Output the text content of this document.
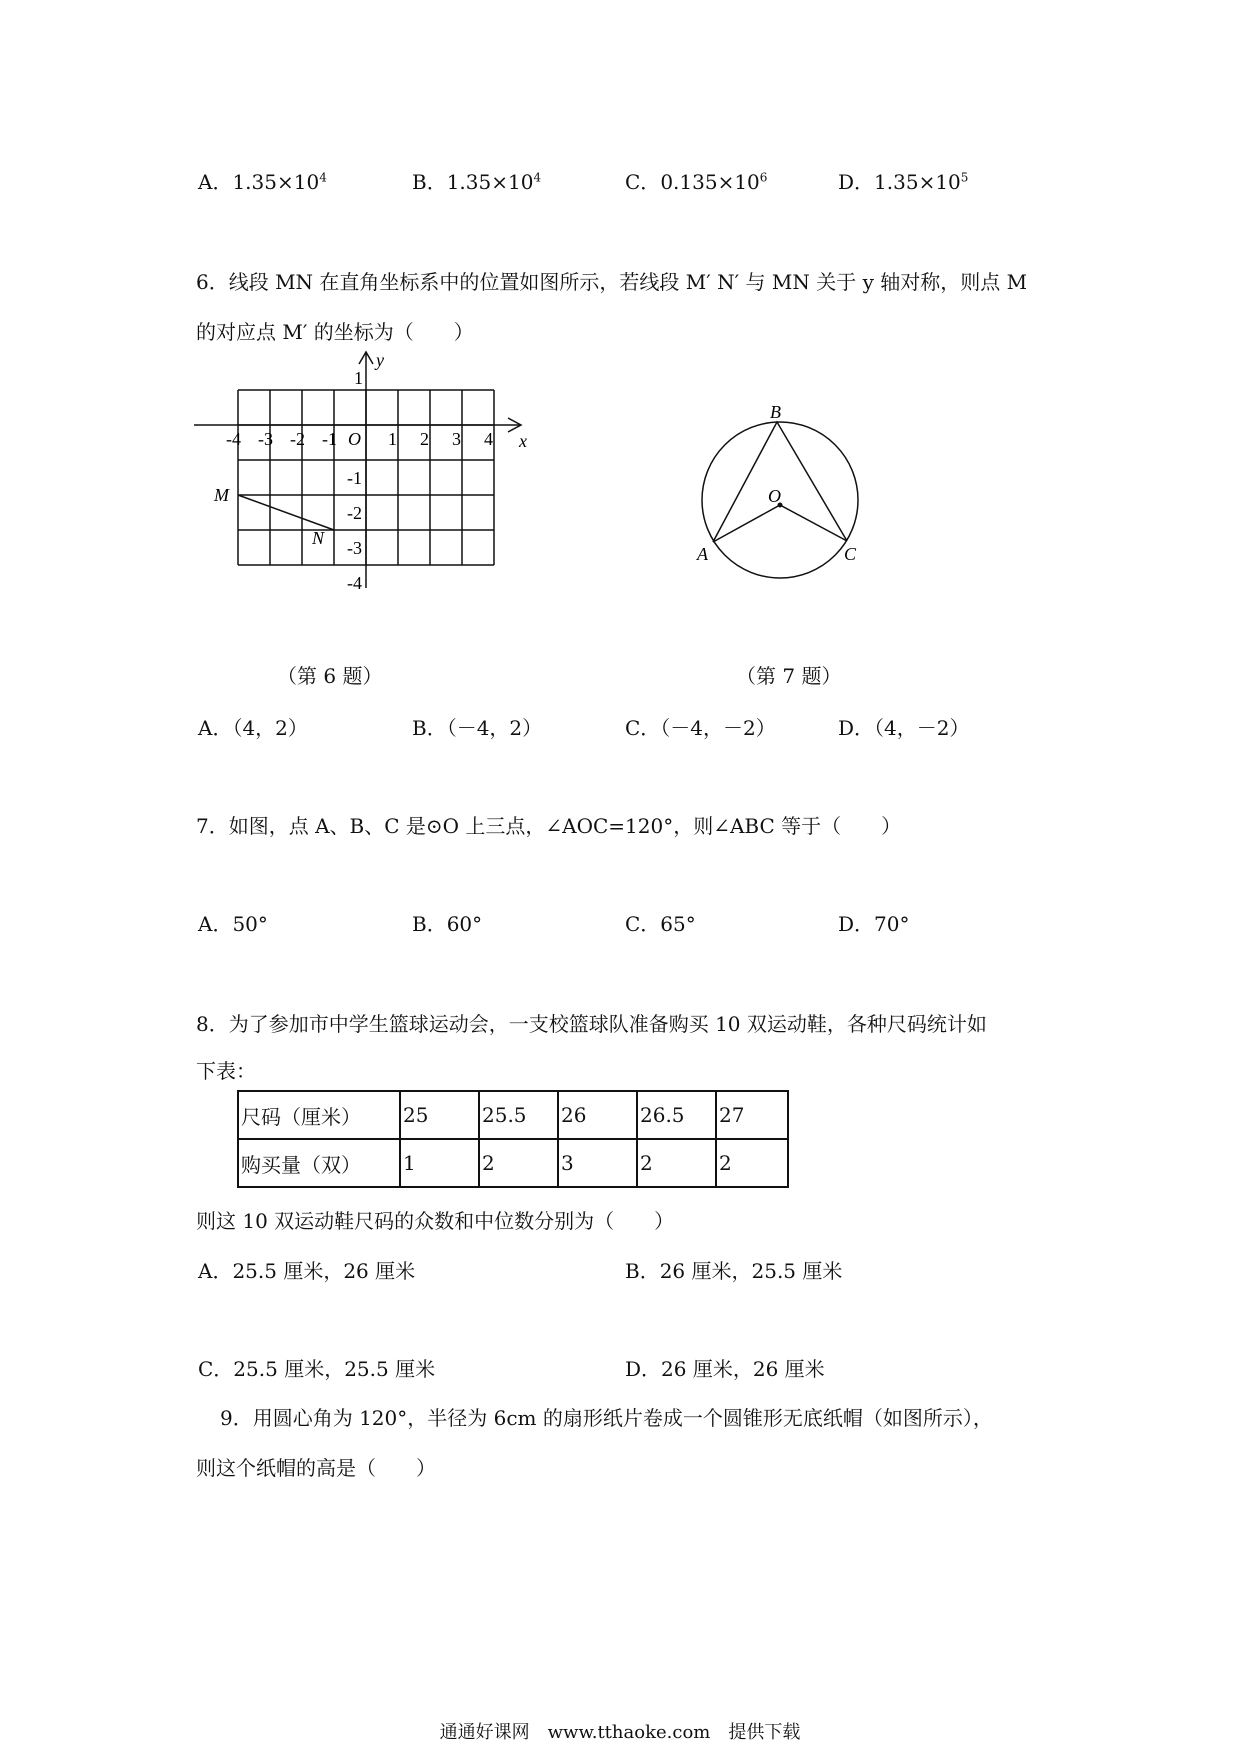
A．$1.35\times 10^4$	B．$1.35\times 10^4$	C．$0.135\times 10^6$	D．$1.35\times 10^5$
6．线段 MN 在直角坐标系中的位置如图所示，若线段 M′ N′ 与 MN 关于 y 轴对称，则点 M
的对应点 M′ 的坐标为（　　）
x
y
O
-4 -3 -2 -1	1 2 3 4
1
-1
-2
-3
-4
M
N
B
O
A	C
（第 6 题）	（第 7 题）
A．（4，2）	B．（－4，2）	C．（－4，－2）	D．（4，－2）
7．如图，点 A、B、C 是⊙O 上三点，∠AOC=120°，则∠ABC 等于（　　）
A．50°	B．60°	C．65°	D．70°
8．为了参加市中学生篮球运动会，一支校篮球队准备购买 10 双运动鞋，各种尺码统计如
下表：
尺码（厘米）	25	25.5	26	26.5	27
购买量（双）	1	2	3	2	2
则这 10 双运动鞋尺码的众数和中位数分别为（　　）
A．25.5 厘米，26 厘米	B．26 厘米，25.5 厘米
C．25.5 厘米，25.5 厘米	D．26 厘米，26 厘米
9．用圆心角为 120°，半径为 6cm 的扇形纸片卷成一个圆锥形无底纸帽（如图所示），
则这个纸帽的高是（　　）
通通好课网　www.tthaoke.com　提供下载
